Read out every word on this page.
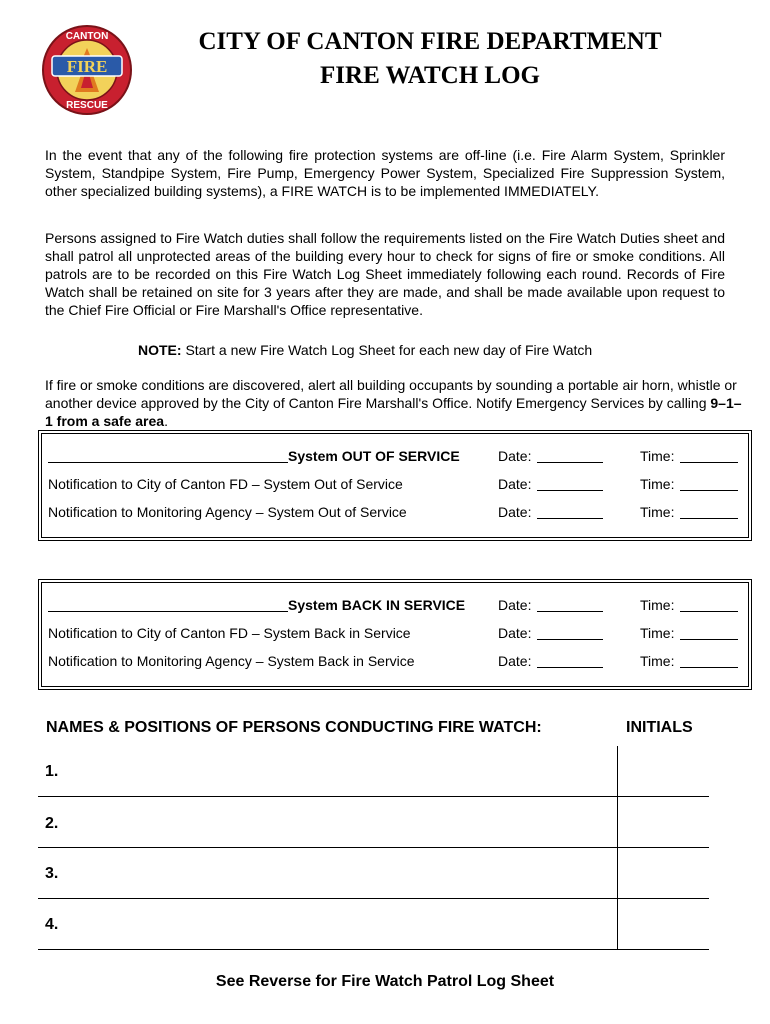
FIRE
CANTON
RESCUE
CITY OF CANTON FIRE DEPARTMENT
FIRE WATCH LOG
In the event that any of the following fire protection systems are off-line (i.e. Fire Alarm System, Sprinkler System, Standpipe System, Fire Pump, Emergency Power System, Specialized Fire Suppression System, other specialized building systems), a FIRE WATCH is to be implemented IMMEDIATELY.
Persons assigned to Fire Watch duties shall follow the requirements listed on the Fire Watch Duties sheet and shall patrol all unprotected areas of the building every hour to check for signs of fire or smoke conditions. All patrols are to be recorded on this Fire Watch Log Sheet immediately following each round. Records of Fire Watch shall be retained on site for 3 years after they are made, and shall be made available upon request to the Chief Fire Official or Fire Marshall's Office representative.
NOTE: Start a new Fire Watch Log Sheet for each new day of Fire Watch
If fire or smoke conditions are discovered, alert all building occupants by sounding a portable air horn, whistle or another device approved by the City of Canton Fire Marshall's Office. Notify Emergency Services by calling 9–1–1 from a safe area.
System OUT OF SERVICE	Date:	Time:
Notification to City of Canton FD – System Out of Service	Date:	Time:
Notification to Monitoring Agency – System Out of Service	Date:	Time:
System BACK IN SERVICE Date:	Time:
Notification to City of Canton FD – System Back in Service	Date:	Time:
Notification to Monitoring Agency – System Back in Service	Date:	Time:
NAMES & POSITIONS OF PERSONS CONDUCTING FIRE WATCH:	INITIALS
1.
2.
3.
4.
See Reverse for Fire Watch Patrol Log Sheet
